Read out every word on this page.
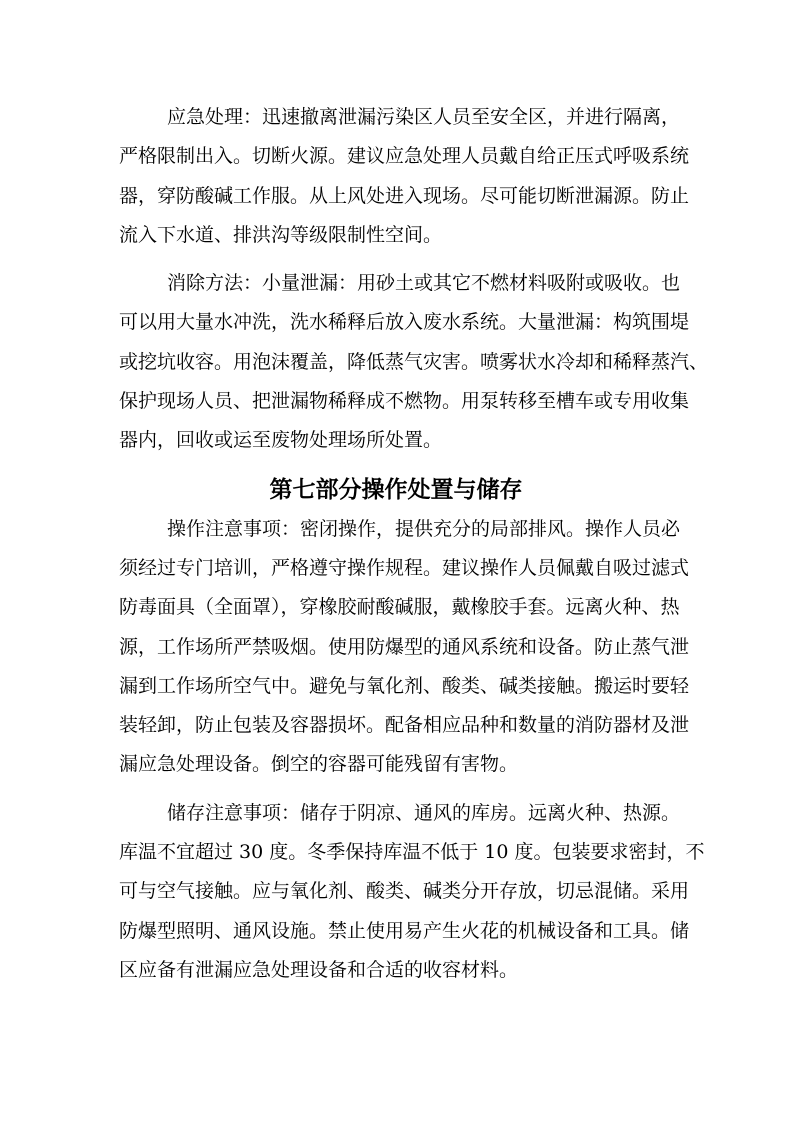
应急处理：迅速撤离泄漏污染区人员至安全区，并进行隔离，
严格限制出入。切断火源。建议应急处理人员戴自给正压式呼吸系统
器，穿防酸碱工作服。从上风处进入现场。尽可能切断泄漏源。防止
流入下水道、排洪沟等级限制性空间。
消除方法：小量泄漏：用砂土或其它不燃材料吸附或吸收。也
可以用大量水冲洗，洗水稀释后放入废水系统。大量泄漏：构筑围堤
或挖坑收容。用泡沫覆盖，降低蒸气灾害。喷雾状水冷却和稀释蒸汽、
保护现场人员、把泄漏物稀释成不燃物。用泵转移至槽车或专用收集
器内，回收或运至废物处理场所处置。
第七部分操作处置与储存
操作注意事项：密闭操作，提供充分的局部排风。操作人员必
须经过专门培训，严格遵守操作规程。建议操作人员佩戴自吸过滤式
防毒面具（全面罩），穿橡胶耐酸碱服，戴橡胶手套。远离火种、热
源，工作场所严禁吸烟。使用防爆型的通风系统和设备。防止蒸气泄
漏到工作场所空气中。避免与氧化剂、酸类、碱类接触。搬运时要轻
装轻卸，防止包装及容器损坏。配备相应品种和数量的消防器材及泄
漏应急处理设备。倒空的容器可能残留有害物。
储存注意事项：储存于阴凉、通风的库房。远离火种、热源。
库温不宜超过 30 度。冬季保持库温不低于 10 度。包装要求密封，不
可与空气接触。应与氧化剂、酸类、碱类分开存放，切忌混储。采用
防爆型照明、通风设施。禁止使用易产生火花的机械设备和工具。储
区应备有泄漏应急处理设备和合适的收容材料。
